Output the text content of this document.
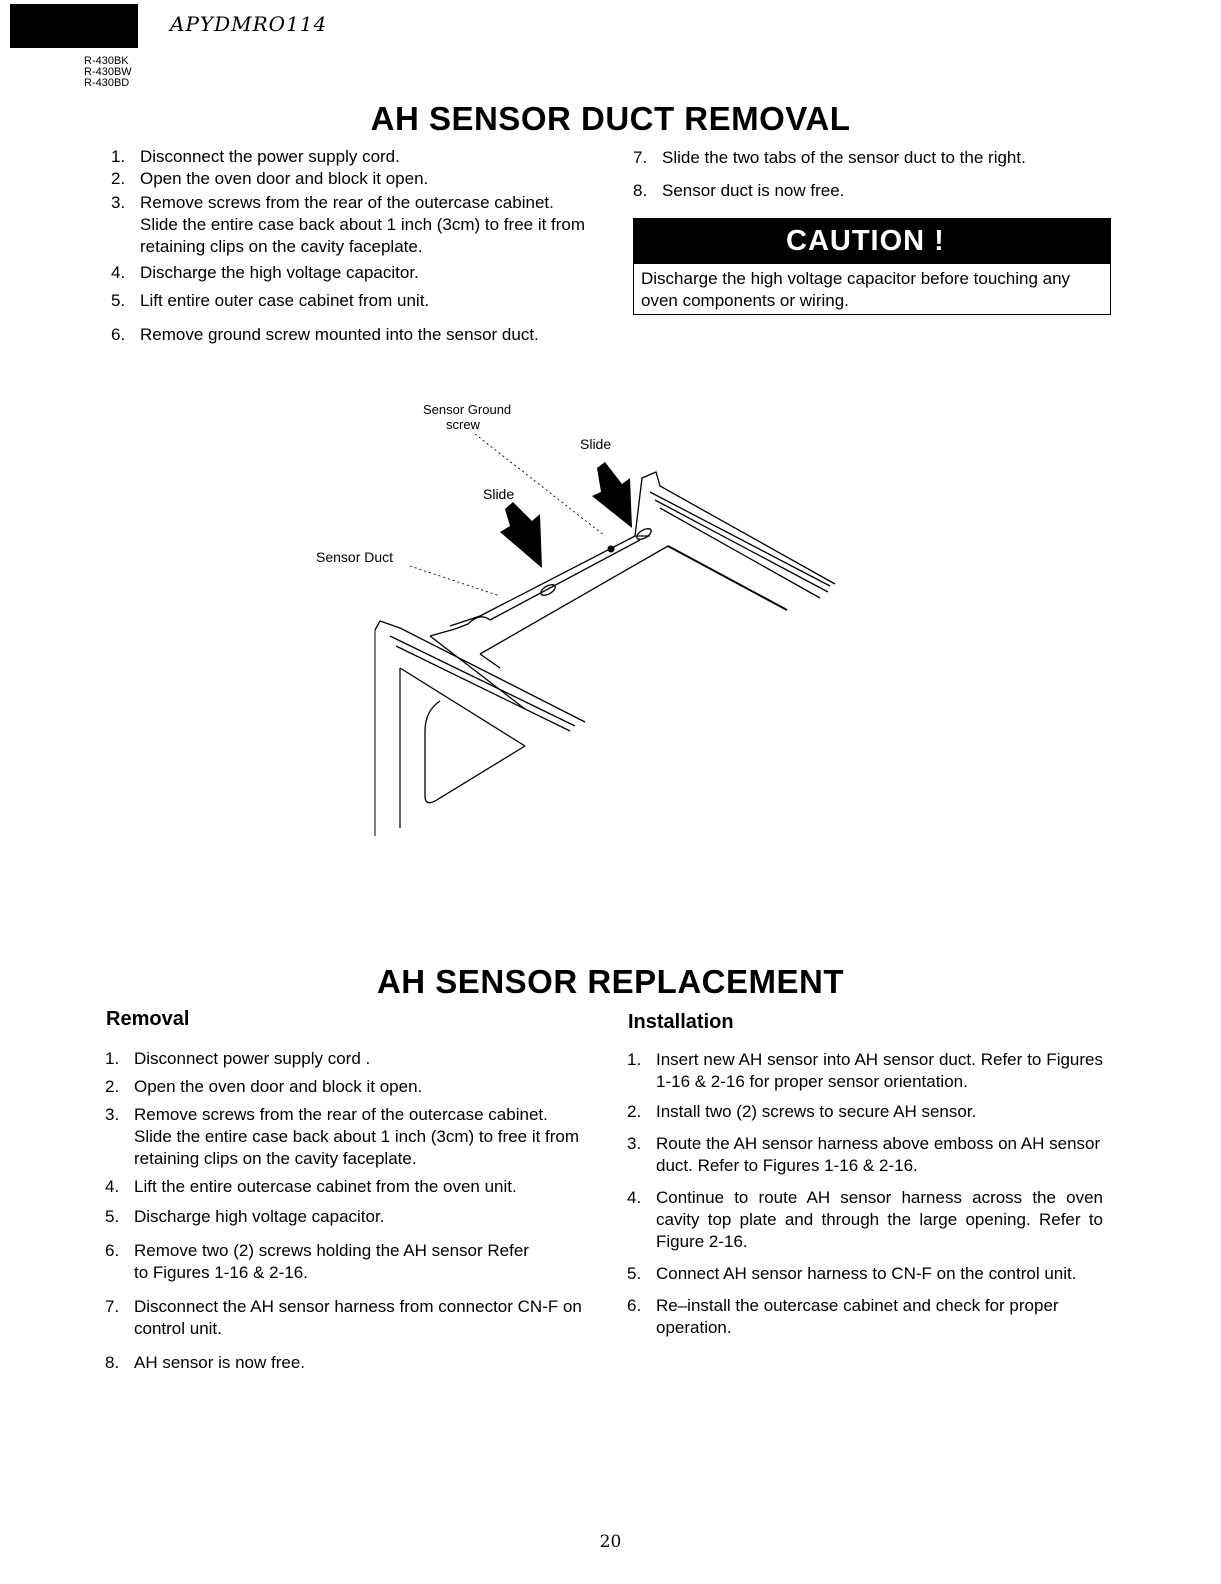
APYDMRO114
R-430BK
R-430BW
R-430BD
AH SENSOR DUCT REMOVAL
1. Disconnect the power supply cord.
2. Open the oven door and block it open.
3. Remove screws from the rear of the outercase cabinet. Slide the entire case back about 1 inch (3cm) to free it from retaining clips on the cavity faceplate.
4. Discharge the high voltage capacitor.
5. Lift entire outer case cabinet from unit.
6. Remove ground screw mounted into the sensor duct.
7. Slide the two tabs of the sensor duct to the right.
8. Sensor duct is now free.
CAUTION !
Discharge the high voltage capacitor before touching any oven components or wiring.
Sensor Ground
screw
Slide
Slide
Sensor Duct
AH SENSOR REPLACEMENT
Removal	Installation
1. Disconnect power supply cord .
2. Open the oven door and block it open.
3. Remove screws from the rear of the outercase cabinet. Slide the entire case back about 1 inch (3cm) to free it from retaining clips on the cavity faceplate.
4. Lift the entire outercase cabinet from the oven unit.
5. Discharge high voltage capacitor.
6. Remove two (2) screws holding the AH sensor Refer to Figures 1-16 & 2-16.
7. Disconnect the AH sensor harness from connector CN-F on control unit.
8. AH sensor is now free.
1. Insert new AH sensor into AH sensor duct. Refer to Figures 1-16 & 2-16 for proper sensor orientation.
2. Install two (2) screws to secure AH sensor.
3. Route the AH sensor harness above emboss on AH sensor duct. Refer to Figures 1-16 & 2-16.
4. Continue to route AH sensor harness across the oven cavity top plate and through the large opening. Refer to Figure 2-16.
5. Connect AH sensor harness to CN-F on the control unit.
6. Re–install the outercase cabinet and check for proper operation.
20
